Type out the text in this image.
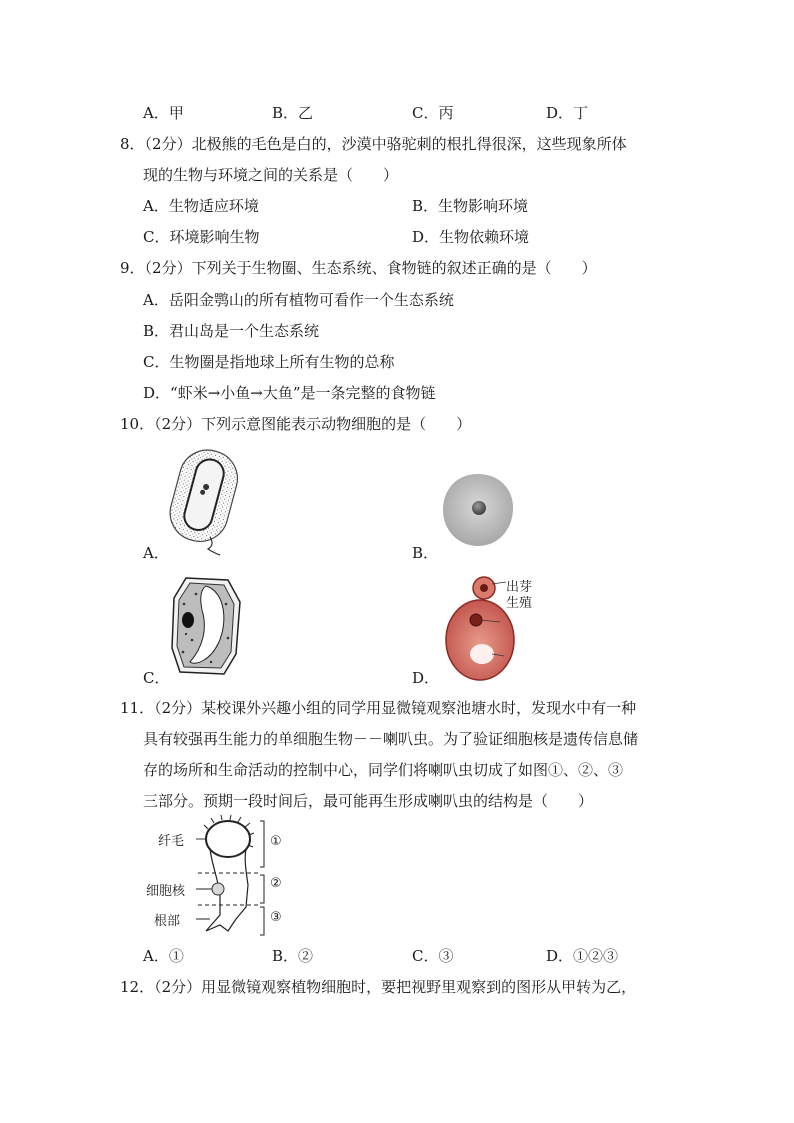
A．甲	B．乙	C．丙	D．丁
8．（2分）北极熊的毛色是白的，沙漠中骆驼刺的根扎得很深，这些现象所体
现的生物与环境之间的关系是（　　）
A．生物适应环境	B．生物影响环境
C．环境影响生物	D．生物依赖环境
9．（2分）下列关于生物圈、生态系统、食物链的叙述正确的是（　　）
A．岳阳金鹗山的所有植物可看作一个生态系统
B．君山岛是一个生态系统
C．生物圈是指地球上所有生物的总称
D．“虾米→小鱼→大鱼”是一条完整的食物链
10．（2分）下列示意图能表示动物细胞的是（　　）
A．	B．
C．
出芽
生殖
D．
11．（2分）某校课外兴趣小组的同学用显微镜观察池塘水时，发现水中有一种
具有较强再生能力的单细胞生物－－喇叭虫。为了验证细胞核是遗传信息储
存的场所和生命活动的控制中心，同学们将喇叭虫切成了如图①、②、③
三部分。预期一段时间后，最可能再生形成喇叭虫的结构是（　　）
纤毛
细胞核
根部
①
②
③
A．①	B．②	C．③	D．①②③
12．（2分）用显微镜观察植物细胞时，要把视野里观察到的图形从甲转为乙，
